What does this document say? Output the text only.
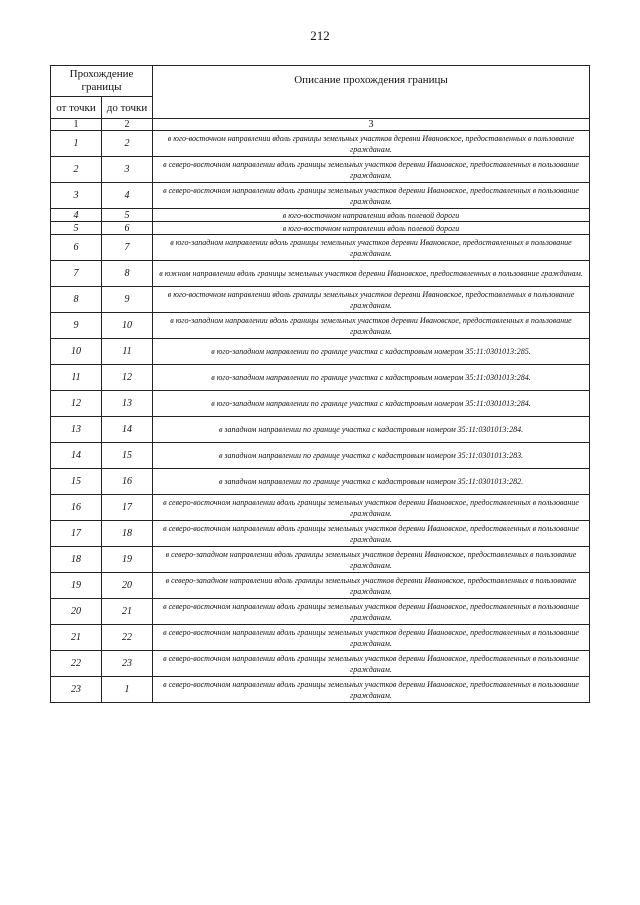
212
Прохождение границы		Описание прохождения границы
от точки	до точки	
1	2	3
1	2	в юго-восточном направлении вдоль границы земельных участков деревни Ивановское, предоставленных в пользование гражданам.
2	3	в северо-восточном направлении вдоль границы земельных участков деревни Ивановское, предоставленных в пользование гражданам.
3	4	в северо-восточном направлении вдоль границы земельных участков деревни Ивановское, предоставленных в пользование гражданам.
4	5	в юго-восточном направлении вдоль полевой дороги
5	6	в юго-восточном направлении вдоль полевой дороги
6	7	в юго-западном направлении вдоль границы земельных участков деревни Ивановское, предоставленных в пользование гражданам.
7	8	в южном направлении вдоль границы земельных участков деревни Ивановское, предоставленных в пользование гражданам.
8	9	в юго-восточном направлении вдоль границы земельных участков деревни Ивановское, предоставленных в пользование гражданам.
9	10	в юго-западном направлении вдоль границы земельных участков деревни Ивановское, предоставленных в пользование гражданам.
10	11	в юго-западном направлении по границе участка с кадастровым номером 35:11:0301013:285.
11	12	в юго-западном направлении по границе участка с кадастровым номером 35:11:0301013:284.
12	13	в юго-западном направлении по границе участка с кадастровым номером 35:11:0301013:284.
13	14	в западном направлении по границе участка с кадастровым номером 35:11:0301013:284.
14	15	в западном направлении по границе участка с кадастровым номером 35:11:0301013:283.
15	16	в западном направлении по границе участка с кадастровым номером 35:11:0301013:282.
16	17	в северо-восточном направлении вдоль границы земельных участков деревни Ивановское, предоставленных в пользование гражданам.
17	18	в северо-восточном направлении вдоль границы земельных участков деревни Ивановское, предоставленных в пользование гражданам.
18	19	в северо-западном направлении вдоль границы земельных участков деревни Ивановское, предоставленных в пользование гражданам.
19	20	в северо-западном направлении вдоль границы земельных участков деревни Ивановское, предоставленных в пользование гражданам.
20	21	в северо-восточном направлении вдоль границы земельных участков деревни Ивановское, предоставленных в пользование гражданам.
21	22	в северо-восточном направлении вдоль границы земельных участков деревни Ивановское, предоставленных в пользование гражданам.
22	23	в северо-восточном направлении вдоль границы земельных участков деревни Ивановское, предоставленных в пользование гражданам.
23	1	в северо-восточном направлении вдоль границы земельных участков деревни Ивановское, предоставленных в пользование гражданам.
